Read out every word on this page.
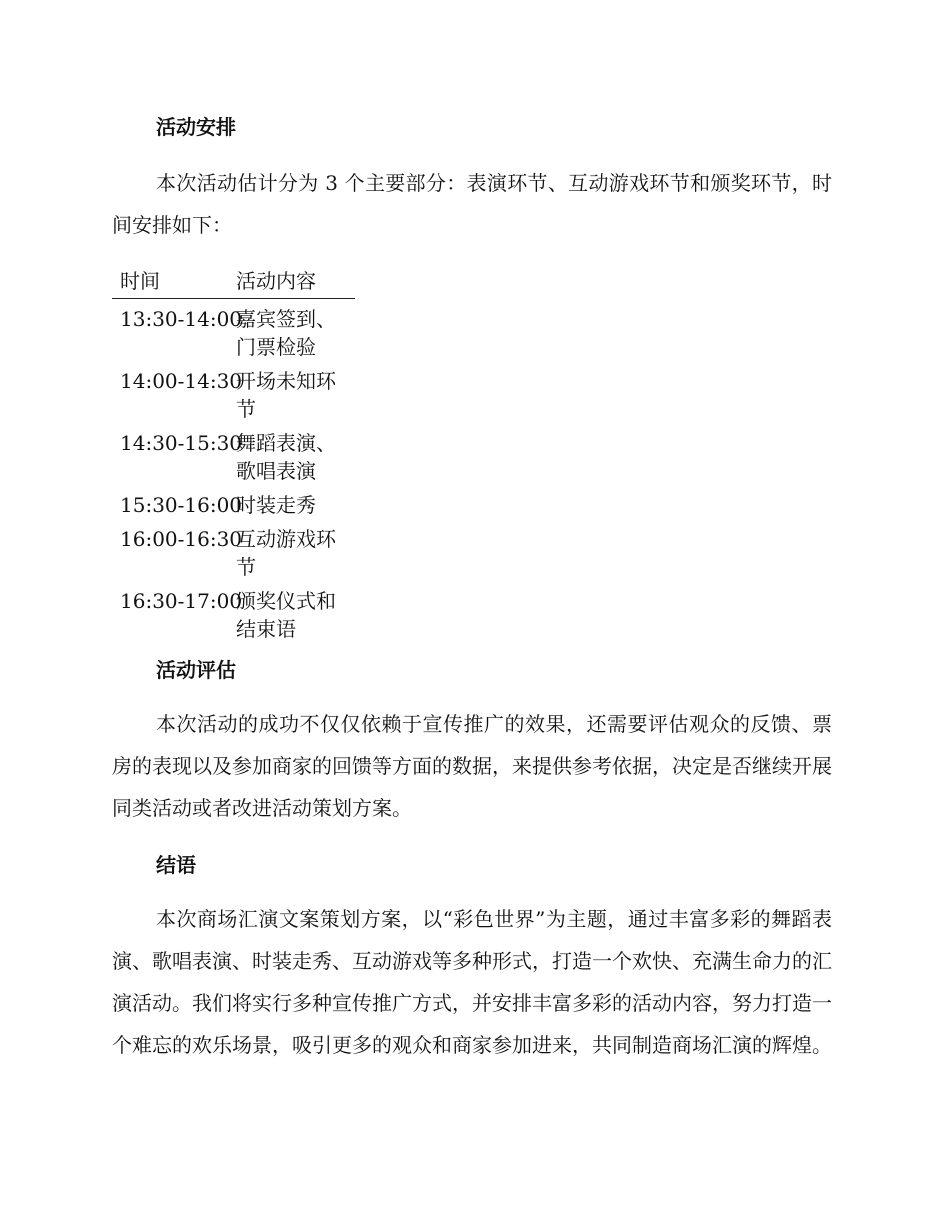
活动安排

本次活动估计分为 3 个主要部分：表演环节、互动游戏环节和颁奖环节，时间安排如下：

时间	活动内容
13:30-14:00
嘉宾签到、门票检验
14:00-14:30
开场未知环节
14:30-15:30
舞蹈表演、歌唱表演
15:30-16:00
时装走秀
16:00-16:30
互动游戏环节
16:30-17:00
颁奖仪式和结束语
活动评估

本次活动的成功不仅仅依赖于宣传推广的效果，还需要评估观众的反馈、票房的表现以及参加商家的回馈等方面的数据，来提供参考依据，决定是否继续开展同类活动或者改进活动策划方案。

结语

本次商场汇演文案策划方案，以“彩色世界”为主题，通过丰富多彩的舞蹈表演、歌唱表演、时装走秀、互动游戏等多种形式，打造一个欢快、充满生命力的汇演活动。我们将实行多种宣传推广方式，并安排丰富多彩的活动内容，努力打造一个难忘的欢乐场景，吸引更多的观众和商家参加进来，共同制造商场汇演的辉煌。
